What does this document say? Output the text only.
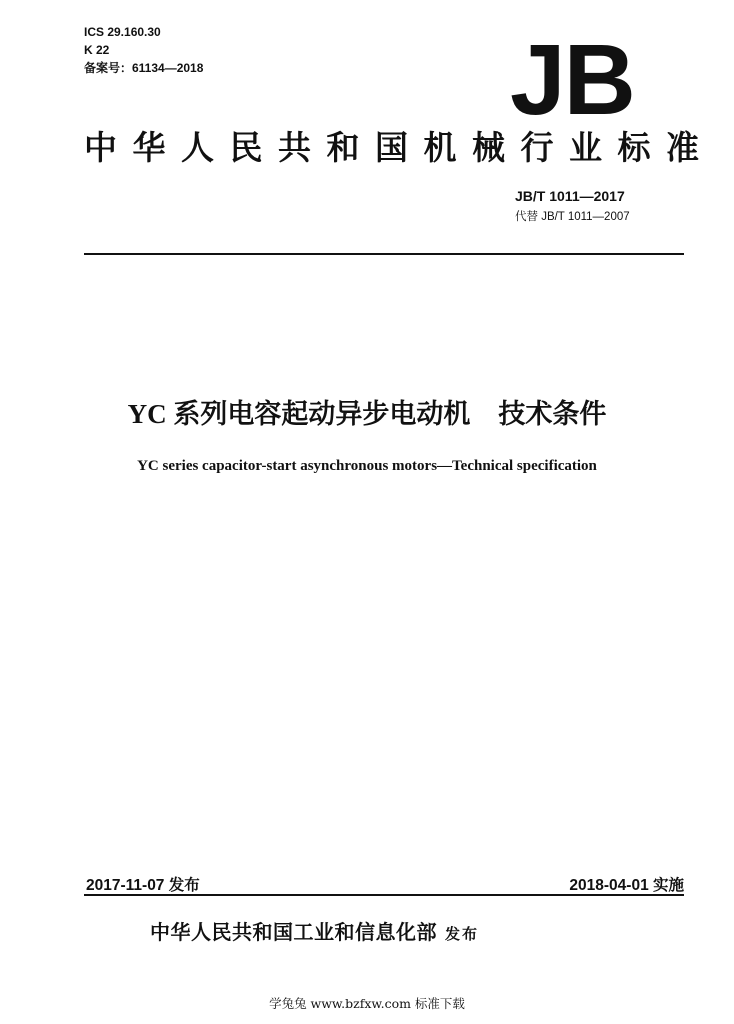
ICS 29.160.30
K 22
备案号：61134—2018	JB
中华人民共和国机械行业标准
JB/T 1011—2017
代替 JB/T 1011—2007
YC 系列电容起动异步电动机 技术条件
YC series capacitor-start asynchronous motors—Technical specification
2017-11-07 发布	2018-04-01 实施
中华人民共和国工业和信息化部 发布
学兔兔 www.bzfxw.com 标准下载
